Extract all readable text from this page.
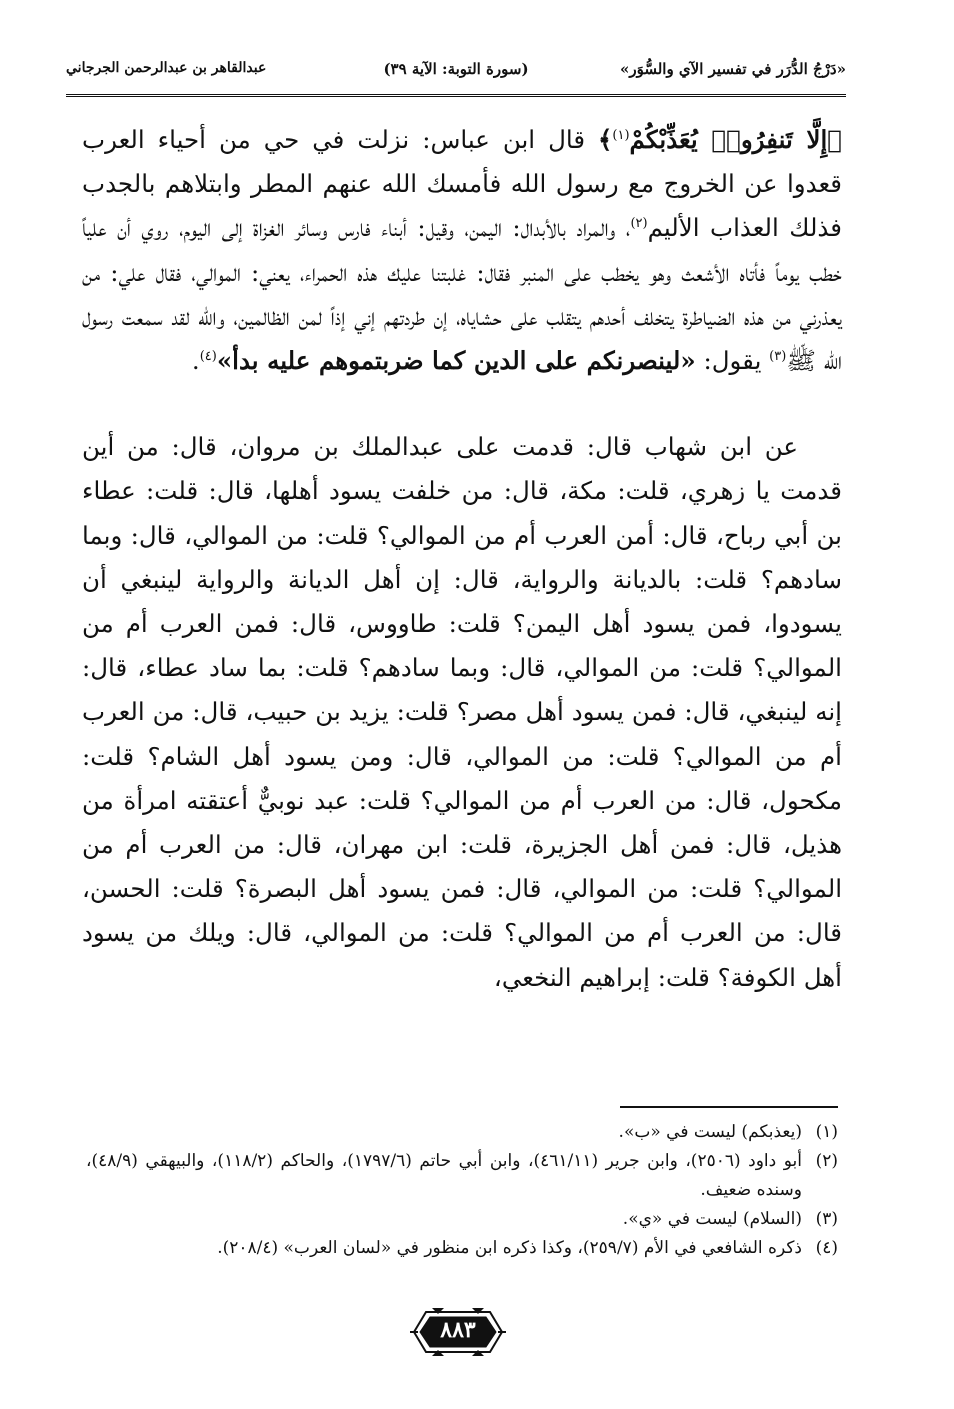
«دَرْجُ الدُّرَر في تفسير الآي والسُّوَر»
(سورة التوبة: الآية ٣٩)
عبدالقاهر بن عبدالرحمن الجرجاني

﴿إِلَّا تَنفِرُوا۟ يُعَذِّبْكُمْ$^{(١)}$﴾ قال ابن عباس: نزلت في حي من أحياء العرب قعدوا عن الخروج مع رسول الله فأمسك الله عنهم المطر وابتلاهم بالجدب فذلك العذاب الأليم$^{(٢)}$، والمراد بالأبدال: اليمن، وقيل: أبناء فارس وسائر الغزاة إلى اليوم، روي أن علياً خطب يوماً فأتاه الأشعث وهو يخطب على المنبر فقال: غلبتنا عليك هذه الحمراء، يعني: الموالي، فقال علي: من يعذرني من هذه الضياطرة يتخلف أحدهم يتقلب على حشاياه، إن طردتهم إني إذاً لمن الظالمين، والله لقد سمعت رسول الله ﷺ$^{(٣)}$ يقول: «لينصرنكم على الدين كما ضربتموهم عليه بدأ»$^{(٤)}$.

عن ابن شهاب قال: قدمت على عبدالملك بن مروان، قال: من أين قدمت يا زهري، قلت: مكة، قال: من خلفت يسود أهلها، قال: قلت: عطاء بن أبي رباح، قال: أمن العرب أم من الموالي؟ قلت: من الموالي، قال: وبما سادهم؟ قلت: بالديانة والرواية، قال: إن أهل الديانة والرواية لينبغي أن يسودوا، فمن يسود أهل اليمن؟ قلت: طاووس، قال: فمن العرب أم من الموالي؟ قلت: من الموالي، قال: وبما سادهم؟ قلت: بما ساد عطاء، قال: إنه لينبغي، قال: فمن يسود أهل مصر؟ قلت: يزيد بن حبيب، قال: من العرب أم من الموالي؟ قلت: من الموالي، قال: ومن يسود أهل الشام؟ قلت: مكحول، قال: من العرب أم من الموالي؟ قلت: عبد نوبيٌّ أعتقته امرأة من هذيل، قال: فمن أهل الجزيرة، قلت: ابن مهران، قال: من العرب أم من الموالي؟ قلت: من الموالي، قال: فمن يسود أهل البصرة؟ قلت: الحسن، قال: من العرب أم من الموالي؟ قلت: من الموالي، قال: ويلك من يسود أهل الكوفة؟ قلت: إبراهيم النخعي،

(١)
(يعذبكم) ليست في «ب».
(٢)
أبو داود (٢٥٠٦)، وابن جرير (٤٦١/١١)، وابن أبي حاتم (١٧٩٧/٦)، والحاكم (١١٨/٢)، والبيهقي (٤٨/٩)، وسنده ضعيف.
(٣)
(السلام) ليست في «ي».
(٤)
ذكره الشافعي في الأم (٢٥٩/٧)، وكذا ذكره ابن منظور في «لسان العرب» (٢٠٨/٤).
٨٨٣
